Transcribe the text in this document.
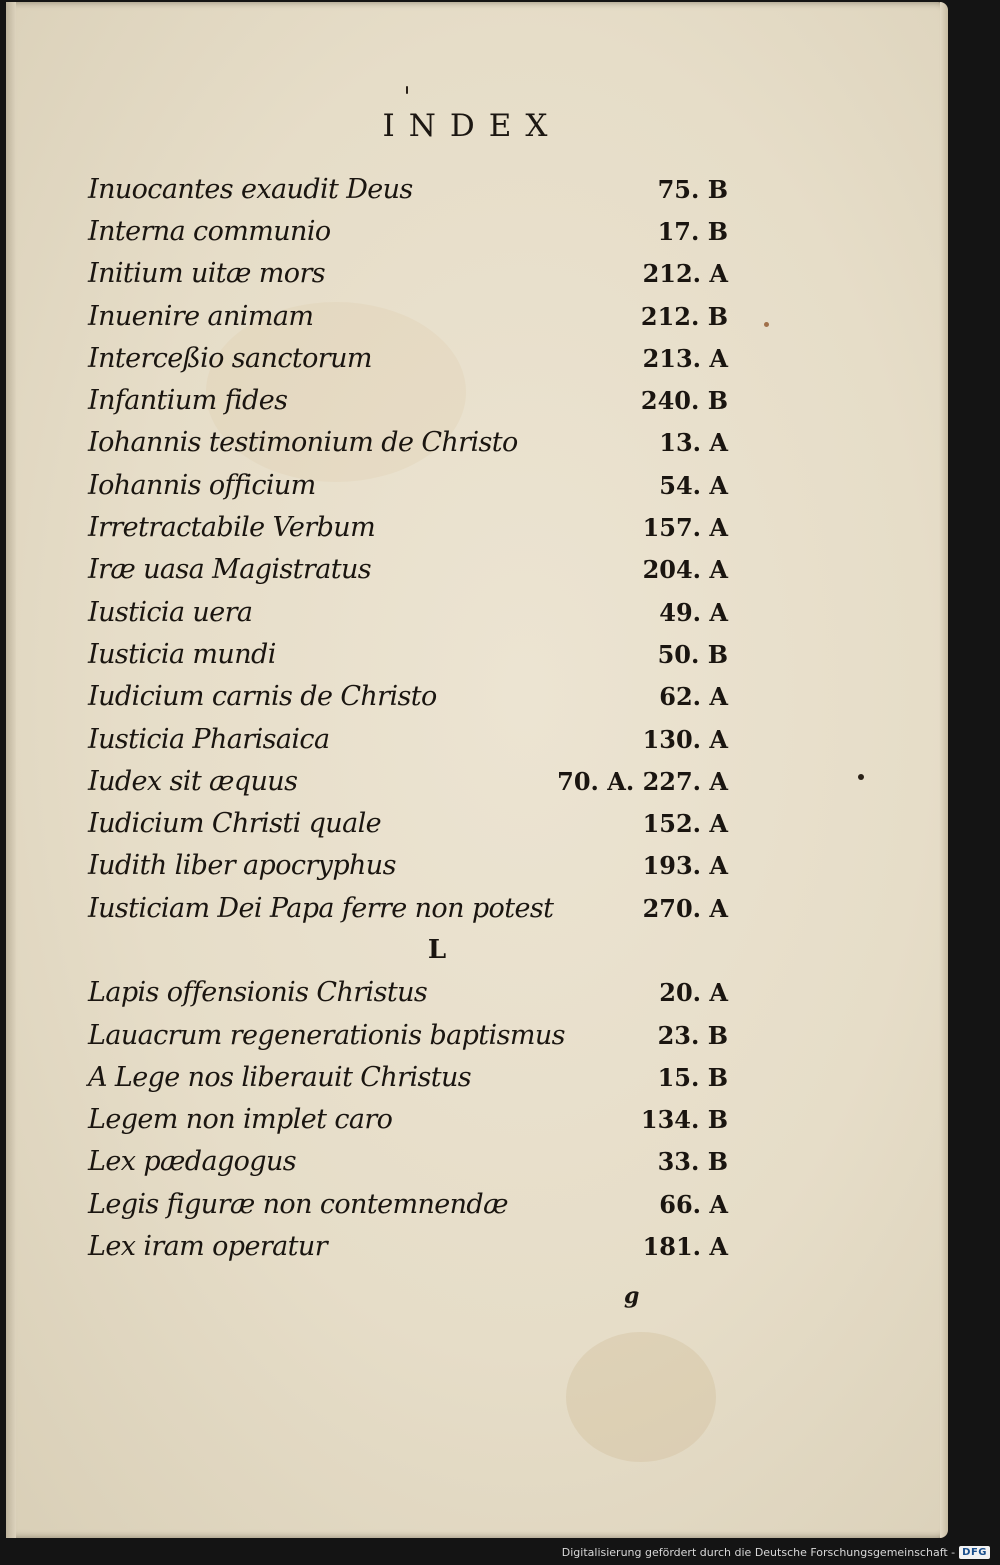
INDEX
Inuocantes exaudit Deus	75. B
Interna communio	17. B
Initium uitæ mors	212. A
Inuenire animam	212. B
Interceßio sanctorum	213. A
Infantium fides	240. B
Iohannis testimonium de Christo	13. A
Iohannis officium	54. A
Irretractabile Verbum	157. A
Iræ uasa Magistratus	204. A
Iusticia uera	49. A
Iusticia mundi	50. B
Iudicium carnis de Christo	62. A
Iusticia Pharisaica	130. A
Iudex sit æquus	70. A. 227. A
Iudicium Christi quale	152. A
Iudith liber apocryphus	193. A
Iusticiam Dei Papa ferre non potest	270. A
L
Lapis offensionis Christus	20. A
Lauacrum regenerationis baptismus	23. B
A Lege nos liberauit Christus	15. B
Legem non implet caro	134. B
Lex pædagogus	33. B
Legis figuræ non contemnendæ	66. A
Lex iram operatur	181. A
g
Digitalisierung gefördert durch die Deutsche Forschungsgemeinschaft - DFG
